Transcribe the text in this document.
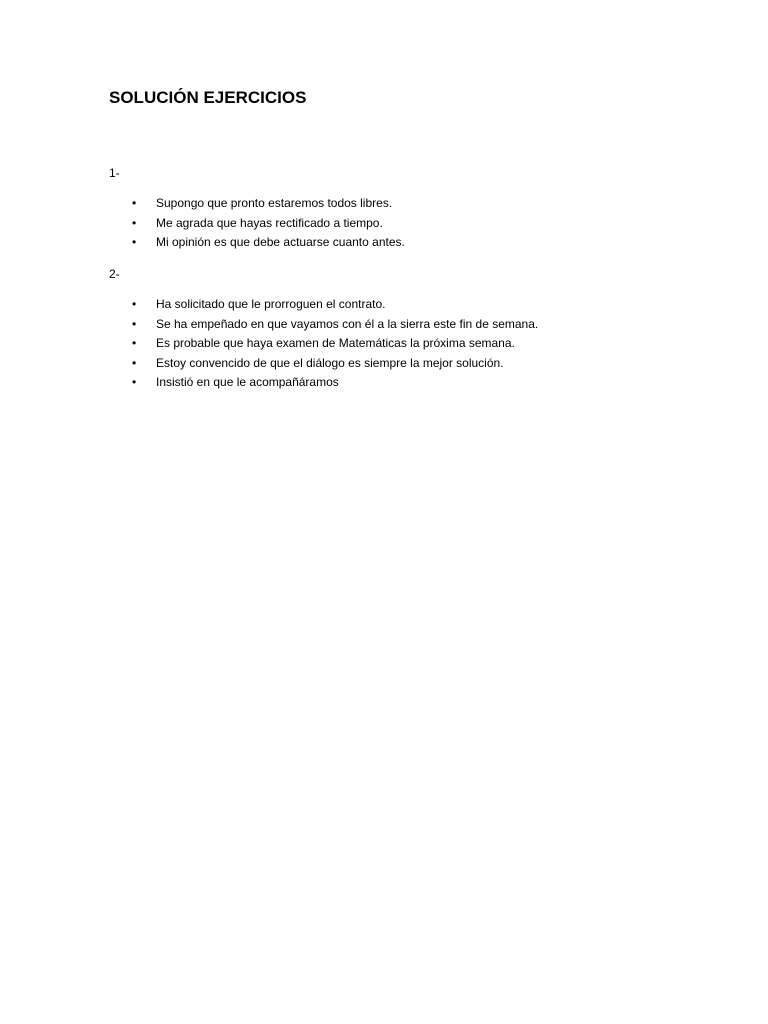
SOLUCIÓN EJERCICIOS
1-
• Supongo que pronto estaremos todos libres.
• Me agrada que hayas rectificado a tiempo.
• Mi opinión es que debe actuarse cuanto antes.
2-
• Ha solicitado que le prorroguen el contrato.
• Se ha empeñado en que vayamos con él a la sierra este fin de semana.
• Es probable que haya examen de Matemáticas la próxima semana.
• Estoy convencido de que el diálogo es siempre la mejor solución.
• Insistió en que le acompañáramos
